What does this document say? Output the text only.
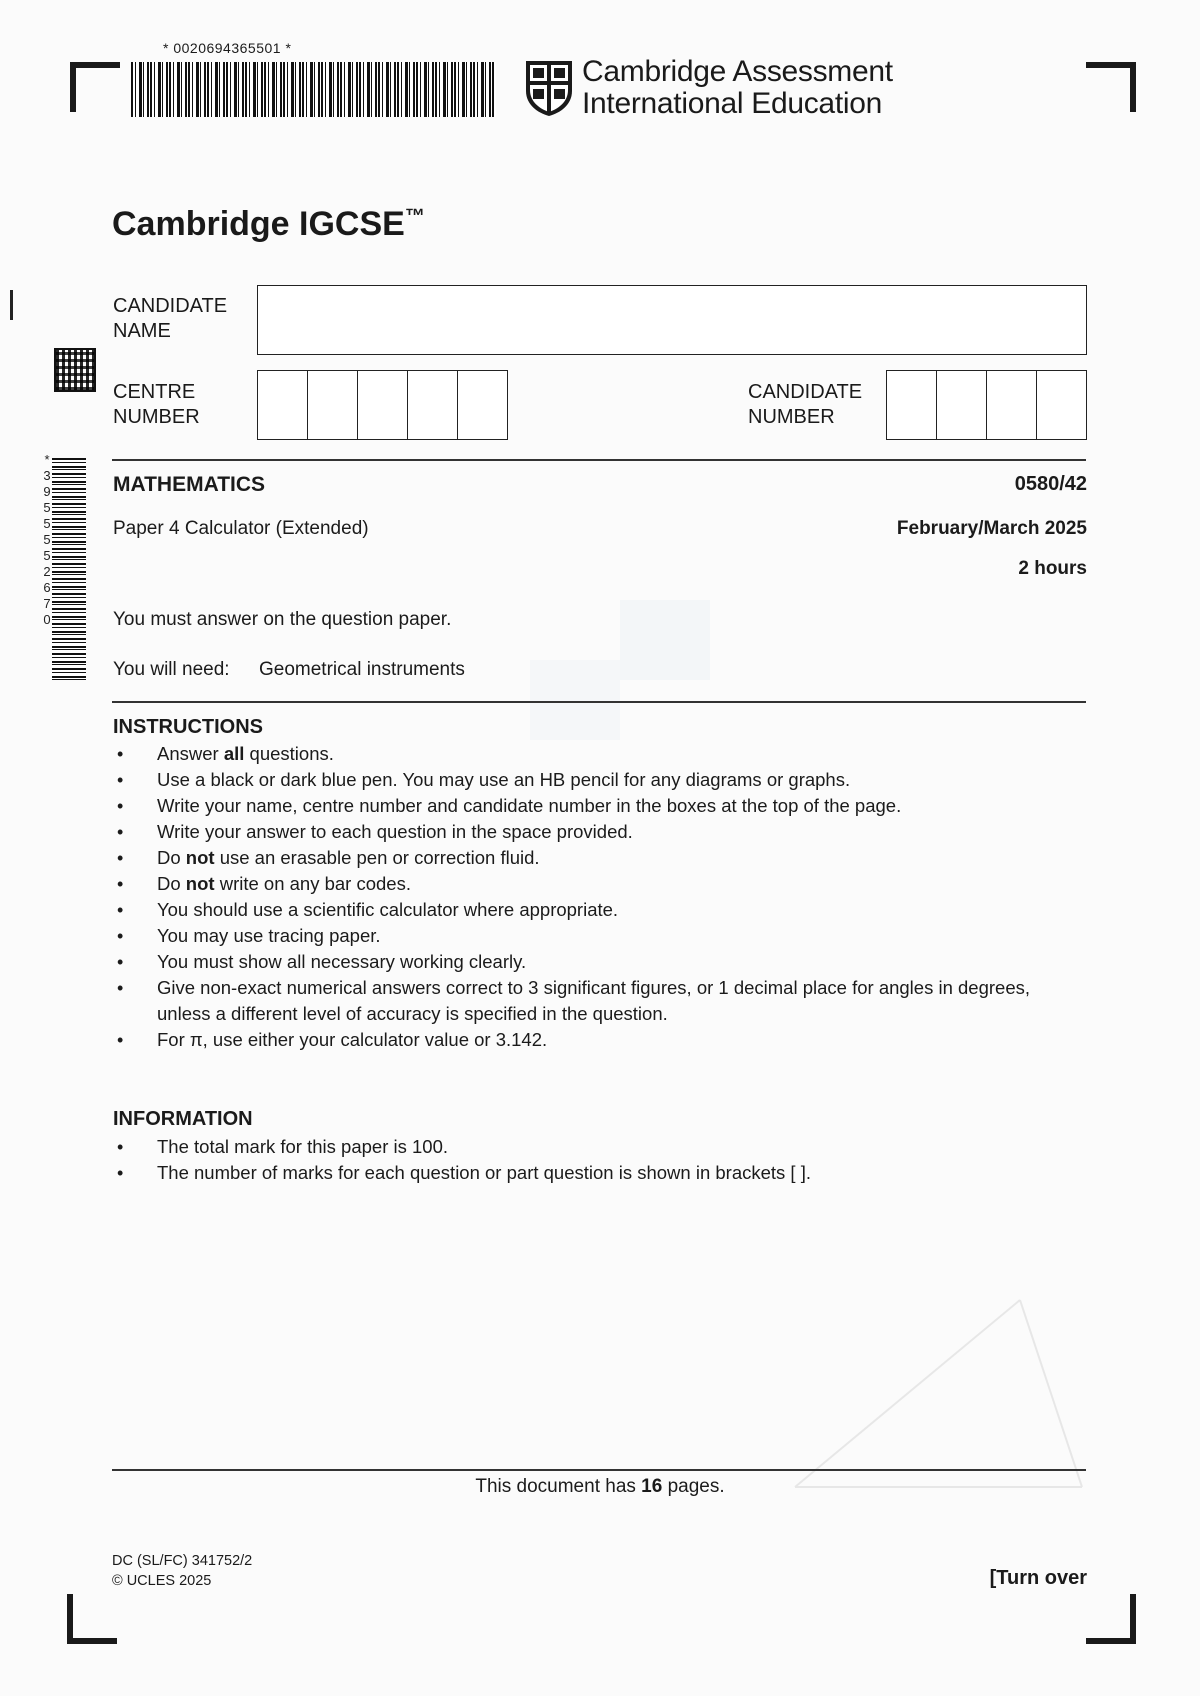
* 0020694365501 *
*3955552670
Cambridge Assessment
International Education
Cambridge IGCSE™
CANDIDATE
NAME
CENTRE
NUMBER
CANDIDATE
NUMBER
MATHEMATICS	0580/42
Paper 4 Calculator (Extended)	February/March 2025
2 hours
You must answer on the question paper.
You will need: Geometrical instruments
INSTRUCTIONS
• Answer all questions.
• Use a black or dark blue pen. You may use an HB pencil for any diagrams or graphs.
• Write your name, centre number and candidate number in the boxes at the top of the page.
• Write your answer to each question in the space provided.
• Do not use an erasable pen or correction fluid.
• Do not write on any bar codes.
• You should use a scientific calculator where appropriate.
• You may use tracing paper.
• You must show all necessary working clearly.
• Give non-exact numerical answers correct to 3 significant figures, or 1 decimal place for angles in degrees, unless a different level of accuracy is specified in the question.
• For π, use either your calculator value or 3.142.
INFORMATION
• The total mark for this paper is 100.
• The number of marks for each question or part question is shown in brackets [ ].
This document has 16 pages.
DC (SL/FC) 341752/2
© UCLES 2025	[Turn over
